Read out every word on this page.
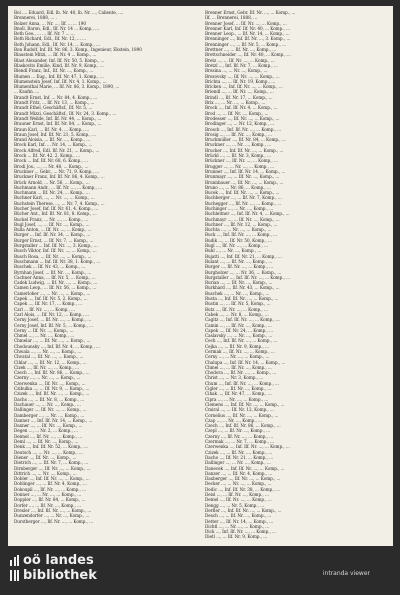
Boi .... Eduard, Edl. lb. Nr. 40, lb. Nr. ..., Caliente, ....

Brennerei, 1888, ... .

Bolzer Anna, ... Nr. ..., Ilf. ... ... 190

Bnoll, Baron, Edl., Ilf. Nr. 14 ... Komp., ...

Both Geo., ... ... Ilf. Nr. 7 ... ...

Both Richard, Edl., Ilf. Nr. 12, ... ...

Both Johann, Edl., Ilf. Nr. 14, ... Komp., ...

Bon Rudolf, Inf. Ilf. Nr. 86, 3. Komp., Ingenieur, Ekstein, 1890

Blaustein Mitzi, ... Ilf. Nr. 4 ... Komp., ...

Blast Alexander, Inf. Ilf. Nr. 50, 5. Komp., ...

Blaskovits Emilie, Kind, Ilf. Nr. 9, Komp., ...

Blendl Franz, Inf., Ilf. Nr. ..., Komp., ...

Blumen ... Eug., Inf. Ilf. Nr. 47, 1. Komp., ...

Blumenstein Josef, Inf. Ilf. Nr. 4, 1. Komp., ...

Blumenthal Marie, ... Ilf. Nr. 86, 3. Komp., 1890, ...

... Kaufm. ...

Brandt Ernst, Inf. ... Nr. 84, 4. Komp., ...

Brandt Fritz, ... Ilf. Nr. 13, ... Komp., ...

Brandt Ethel, Geschäftsf., Ilf. Nr. 5, ...

Brandt Mizzi, Geschäftsf., Ilf. Nr. 24, 3. Komp., ...

Brandt Weilde, Inf. Ilf. Nr. 44, ... Komp., ...

Brauner Ernst, Inf. Ilf. Nr. 84, ... Komp., ...

Braun Karl, ... Ilf. Nr. 4, ... Komp., ...

Braun Josef, Inf. Ilf. Nr. 21, 5. Komp., ...

Brand Aloisia, ... Ilf. Nr. ..., Komp., ...

Brock Karl, Inf. ... Nr. 14, ... Komp., ...

Brock Alfred, Edl. Ilf. Nr. 21, ... Komp., ...

Brock ... Ilf. Nr. 42, 2. Komp., ...

Brock ... Inf. Ilf. Nr. 68, 6. Komp., ...

Brodi Jos., ..., ... Nr. 48, ... Komp., ...

Bruckner ... Gebr., ... Nr. 71, 9. Komp., ...

Bruckner Franz, Inf. Ilf. Nr. 86, 4. Komp., ...

Brück Arnold, ... Nr. 56, ... Komp., ...

Buchmann Andr., ... Ilf. Nr. ..., ... Komp., ...

Buchmann ... Ilf. Nr. 24, ... Komp., ...

Buchner Karl, ..., ... Nr. ..., ... Komp., ...

Buchstein Therese, ..., ... Nr. 7, 4. Komp., ...

Bucher Josef, Inf. Ilf. Nr. 61, 4. Komp., ...

Bücher Ant., Inf. Ilf. Nr. 81, 8. Komp., ...

Buckel Franz, ... Nr. ..., ... Komp., ...

Bugl Josef, ..., ... Ilf. Nr. ..., Komp., ...

Bulla Anton, ... Ilf. Nr. ..., ... Komp., ...

Burger ... Inf. Ilf. Nr. 34, ... Komp., ...

Burger Ernst, ... Ilf. Nr. 7, ... Komp., ...

Burgstaller ... Inf. Ilf. Nr. ..., 3. Komp., ...

Busch Viktor, Inf. Ilf. Nr. ..., ... Komp., ...

Busch Rosa, ... Ilf. Nr. ..., ... Komp., ...

Buschmann ... Inf. Ilf. Nr. 38, 1. Komp., ...

Buschek ... Ilf. Nr. 43, ... Komp., ...

Byrnhan Josef, ... Ilf. Nr. ..., Komp., ...

Cachner Anna, ... Ilf. Nr. 5, ... Komp., ...

Cadek Ludwig, ... Ilf. Nr. ..., ... Komp., ...

Camen Leop., ... Ilf. Nr. 56, ... Komp., ...

Camerloher ..., ... Nr. ..., ... Komp., ...

Capek ..., Inf. Ilf. Nr. 5, 2. Komp., ...

Capek ..., Ilf. Nr. 17, ... Komp., ...

Carl ... Ilf. Nr. ..., ... Komp., ...

Carl Alois, ... Ilf. Nr. 12, ... Komp., ...

Cerny Josef, ... Ilf. Nr. ..., ... Komp., ...

Cerny Josef, Inf. Ilf. Nr. 5, ... Komp., ...

Cerny ... Ilf. Nr. ..., Komp., ...

Chmel ..., ... Nr. ..., Komp., ...

Chmelar ..., ... Ilf. Nr. ..., ... Komp., ...

Chodounsky ..., Inf. Ilf. Nr. 4, ... Komp., ...

Chwala ..., ... Nr. ..., ... Komp., ...

Chvatal ..., Ilf. Nr. ..., ... Komp., ...

Cihlar ..., ... Ilf. Nr. 12, ... Komp., ...

Cizek ..., Ilf. Nr. ..., ... Komp., ...

Czech ..., Inf. Ilf. Nr. 86, ... Komp., ...

Czerny ..., ... Nr. ..., ... Komp., ...

Czerwenka ..., Ilf. Nr. ..., Komp., ...

Czibulka ..., ... Ilf. Nr. 9, ... Komp., ...

Czizek ..., Inf. Ilf. Nr. ..., ... Komp., ...

Dachs ..., ... Ilf. Nr. 8, ... Komp., ...

Dachauer ..., ... Nr. ..., Komp., ...

Dallinger ..., Ilf. Nr. ..., ... Komp., ...

Damberger ..., ... Nr. ..., Komp., ...

Danner ..., Inf. Ilf. Nr. 14, ... Komp., ...

Daxner ..., ... Ilf. Nr. ..., Komp., ...

Degen ..., ... Nr. 2, ... Komp., ...

Deimel ..., Ilf. Nr. ..., ... Komp., ...

Deml ..., ... Ilf. Nr. ..., Komp., ...

Denk ..., Inf. Ilf. Nr. 52, ... Komp., ...

Deutsch ..., ... Nr. ..., ... Komp., ...

Diener ..., Ilf. Nr. ..., Komp., ...

Dietrich ..., ... Ilf. Nr. 7, ... Komp., ...

Dirnberger ..., Ilf. Nr. ..., ... Komp., ...

Dittrich ..., ... Nr. ..., Komp., ...

Dobler ..., Inf. Ilf. Nr. ..., ... Komp., ...

Doblinger ..., ... Ilf. Nr. 4, Komp., ...

Dokoupil ..., Ilf. Nr. ..., ... Komp., ...

Donner ..., ... Nr. ..., ... Komp., ...

Doppler ..., Ilf. Nr. 84, ... Komp., ...

Dorfer ..., ... Ilf. Nr. ..., Komp., ...

Drexler ..., Inf. Ilf. Nr. ..., ... Komp., ...

Dunzendorfer ..., ... Nr. ..., Komp., ...

Durstberger ..., Ilf. Nr. ..., ... Komp., ...

Brenner Ernst, Gebr. Ilf. Nr. ..., ... Komp., ...

Ilf. ... Brennerei, 1888, ...

Brenner Josef, ... Ilf. Nr. ..., ... Komp., ...

Brenner Karl, Inf. Ilf. Nr. 40, ... Komp., ...

Brenner Leop., ... Ilf. Nr. 14, ... Komp., ...

Brenninger ..., Inf. Ilf. Nr. ..., 3. Komp., ...

Brenninger ..., ... Ilf. Nr. 5, ... Komp., ...

Brettner ..., ... Ilf. Nr. ..., Komp., ...

Brettschneider ..., Ilf. Nr. 40, ... Komp., ...

Bretz ..., ... Ilf. Nr. ..., ... Komp., ...

Bretzl ..., Inf. Ilf. Nr. 7, ... Komp., ...

Brezina ..., ... Nr. ..., Komp., ...

Brezovsky ..., Ilf. Nr. ..., ... Komp., ...

Brichta ..., ... Ilf. Nr. 19, Komp., ...

Bricken ..., Inf. Ilf. Nr. ..., ... Komp., ...

Briendl ..., ... Ilf. Nr. ..., Komp., ...

Brindl ..., Ilf. Nr. 17, ... Komp., ...

Brix ..., ... Nr. ..., ... Komp., ...

Brock ..., Inf. Ilf. Nr. 4, ... Komp., ...

Brod ..., ... Ilf. Nr. ..., Komp., ...

Brodesser ..., Ilf. Nr. ..., ... Komp., ...

Brodinger ..., ... Nr. 12, Komp., ...

Brosch ..., Inf. Ilf. Nr. ..., ... Komp., ...

Brosig ..., ... Ilf. Nr. ..., Komp., ...

Bruckmüller ..., Ilf. Nr. 84, ... Komp., ...

Bruckner ..., ... Nr. ..., Komp., ...

Brucker ..., Inf. Ilf. Nr. ..., ... Komp., ...

Brückl ..., ... Ilf. Nr. 3, Komp., ...

Brückner ..., Ilf. Nr. ..., ... Komp., ...

Brugger ..., ... Nr. ..., ... Komp., ...

Brunner ..., Inf. Ilf. Nr. 14, ... Komp., ...

Brunmayr ..., ... Ilf. Nr. ..., Komp., ...

Brunnbauer ..., Ilf. Nr. ..., ... Komp., ...

Bruno ..., ... Nr. 86, ... Komp., ...

Bucek ..., Inf. Ilf. Nr. ..., ... Komp., ...

Buchberger ..., ... Ilf. Nr. 7, Komp., ...

Buchegger ..., Ilf. Nr. ..., ... Komp., ...

Buchinger ..., ... Nr. ..., Komp., ...

Buchleitner ..., Inf. Ilf. Nr. 4, ... Komp., ...

Buchmayr ..., ... Ilf. Nr. ..., Komp., ...

Buchner ..., Ilf. Nr. 12, ... Komp., ...

Buchta ..., ... Nr. ..., ... Komp., ...

Buck ..., Inf. Ilf. Nr. ..., ... Komp., ...

Budik ..., ... Ilf. Nr. 50, Komp., ...

Bugl ..., Ilf. Nr. ..., ... Komp., ...

Buhl ..., ... Nr. ..., Komp., ...

Bujatti ..., Inf. Ilf. Nr. 21, ... Komp., ...

Bulant ..., ... Ilf. Nr. ..., Komp., ...

Burger ..., Ilf. Nr. ..., ... Komp., ...

Burgholzer ..., ... Nr. 36, ... Komp., ...

Burgstaller ..., Inf. Ilf. Nr. ..., ... Komp., ...

Burian ..., ... Ilf. Nr. ..., Komp., ...

Burkhard ..., Ilf. Nr. 43, ... Komp., ...

Buschek ..., ... Nr. ..., Komp., ...

Busta ..., Inf. Ilf. Nr. ..., ... Komp., ...

Bustin ..., ... Ilf. Nr. 5, Komp., ...

Butz ..., Ilf. Nr. ..., ... Komp., ...

Cabek ..., ... Nr. 8, ... Komp., ...

Cagitz ..., Inf. Ilf. Nr. ..., ... Komp., ...

Camin ..., ... Ilf. Nr. ..., Komp., ...

Capek ..., Ilf. Nr. 24, ... Komp., ...

Caslavsky ..., ... Nr. ..., Komp., ...

Cech ..., Inf. Ilf. Nr. ..., ... Komp., ...

Cejka ..., ... Ilf. Nr. 9, Komp., ...

Cermak ..., Ilf. Nr. ..., ... Komp., ...

Cerny ..., ... Nr. ..., ... Komp., ...

Chalupa ..., Inf. Ilf. Nr. 14, ... Komp., ...

Chmel ..., ... Ilf. Nr. ..., Komp., ...

Chodora ..., Ilf. Nr. ..., ... Komp., ...

Christ ..., ... Nr. 3, Komp., ...

Chum ..., Inf. Ilf. Nr. ..., ... Komp., ...

Cigler ..., ... Ilf. Nr. ..., Komp., ...

Cihak ..., Ilf. Nr. 47, ... Komp., ...

Cipra ..., ... Nr. ..., ... Komp., ...

Clemens ..., Inf. Ilf. Nr. ..., ... Komp., ...

Cmiral ..., ... Ilf. Nr. 12, Komp., ...

Cornelius ..., Ilf. Nr. ..., ... Komp., ...

Czap ..., ... Nr. ..., Komp., ...

Czech ..., Inf. Ilf. Nr. 86, ... Komp., ...

Czepl ..., ... Ilf. Nr. ..., Komp., ...

Czerny ..., Ilf. Nr. ..., ... Komp., ...

Czermak ..., ... Nr. 7, ... Komp., ...

Czerwenka ..., Inf. Ilf. Nr. ..., ... Komp., ...

Czizek ..., ... Ilf. Nr. ..., Komp., ...

Dacho ..., Ilf. Nr. 21, ... Komp., ...

Dallinger ..., ... Nr. ..., Komp., ...

Danecek ..., Inf. Ilf. Nr. ..., ... Komp., ...

Danzer ..., ... Ilf. Nr. 4, Komp., ...

Daxberger ..., Ilf. Nr. ..., ... Komp., ...

Decker ..., ... Nr. ..., ... Komp., ...

Dedic ..., Inf. Ilf. Nr. 38, ... Komp., ...

Deisl ..., ... Ilf. Nr. ..., Komp., ...

Demel ..., Ilf. Nr. ..., ... Komp., ...

Dengg ..., ... Nr. 5, Komp., ...

Derfler ..., Inf. Ilf. Nr. ..., ... Komp., ...

Desch ..., ... Ilf. Nr. ..., Komp., ...

Detter ..., Ilf. Nr. 14, ... Komp., ...

Dichtl ..., ... Nr. ..., ... Komp., ...

Dick ..., Inf. Ilf. Nr. ..., ... Komp., ...

Dietl ..., ... Ilf. Nr. 9, Komp., ...

oö landes
bibliothek	intranda viewer
